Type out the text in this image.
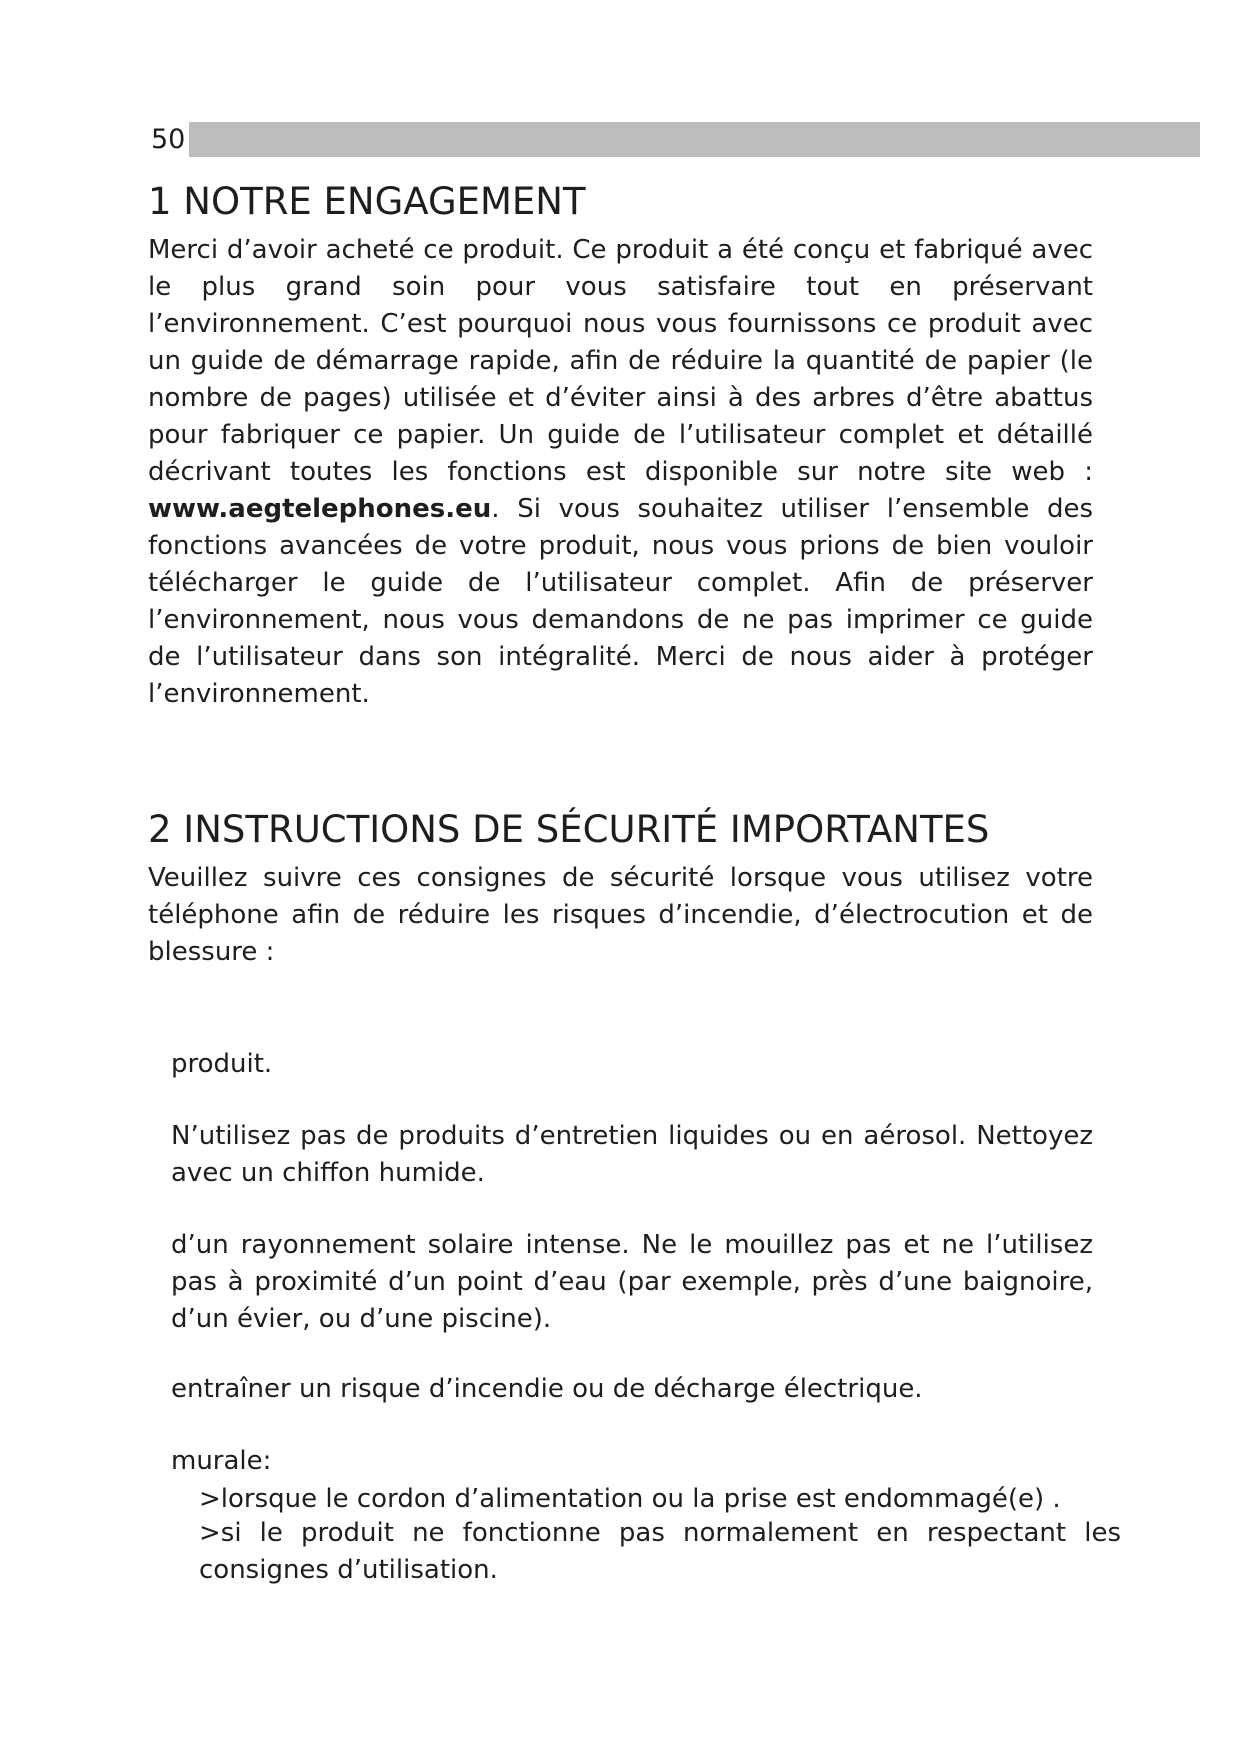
50
1 NOTRE ENGAGEMENT

Merci d’avoir acheté ce produit. Ce produit a été conçu et fabriqué avec le plus grand soin pour vous satisfaire tout en préservant l’environnement. C’est pourquoi nous vous fournissons ce produit avec un guide de démarrage rapide, afin de réduire la quantité de papier (le nombre de pages) utilisée et d’éviter ainsi à des arbres d’être abattus pour fabriquer ce papier. Un guide de l’utilisateur complet et détaillé décrivant toutes les fonctions est disponible sur notre site web : www.aegtelephones.eu. Si vous souhaitez utiliser l’ensemble des fonctions avancées de votre produit, nous vous prions de bien vouloir télécharger le guide de l’utilisateur complet. Afin de préserver l’environnement, nous vous demandons de ne pas imprimer ce guide de l’utilisateur dans son intégralité. Merci de nous aider à protéger l’environnement.

2 INSTRUCTIONS DE SÉCURITÉ IMPORTANTES

Veuillez suivre ces consignes de sécurité lorsque vous utilisez votre téléphone afin de réduire les risques d’incendie, d’électrocution et de blessure :

produit.

N’utilisez pas de produits d’entretien liquides ou en aérosol. Nettoyez avec un chiffon humide.

d’un rayonnement solaire intense. Ne le mouillez pas et ne l’utilisez pas à proximité d’un point d’eau (par exemple, près d’une baignoire, d’un évier, ou d’une piscine).

entraîner un risque d’incendie ou de décharge électrique.

murale:

>lorsque le cordon d’alimentation ou la prise est endommagé(e) .

>si le produit ne fonctionne pas normalement en respectant les consignes d’utilisation.
